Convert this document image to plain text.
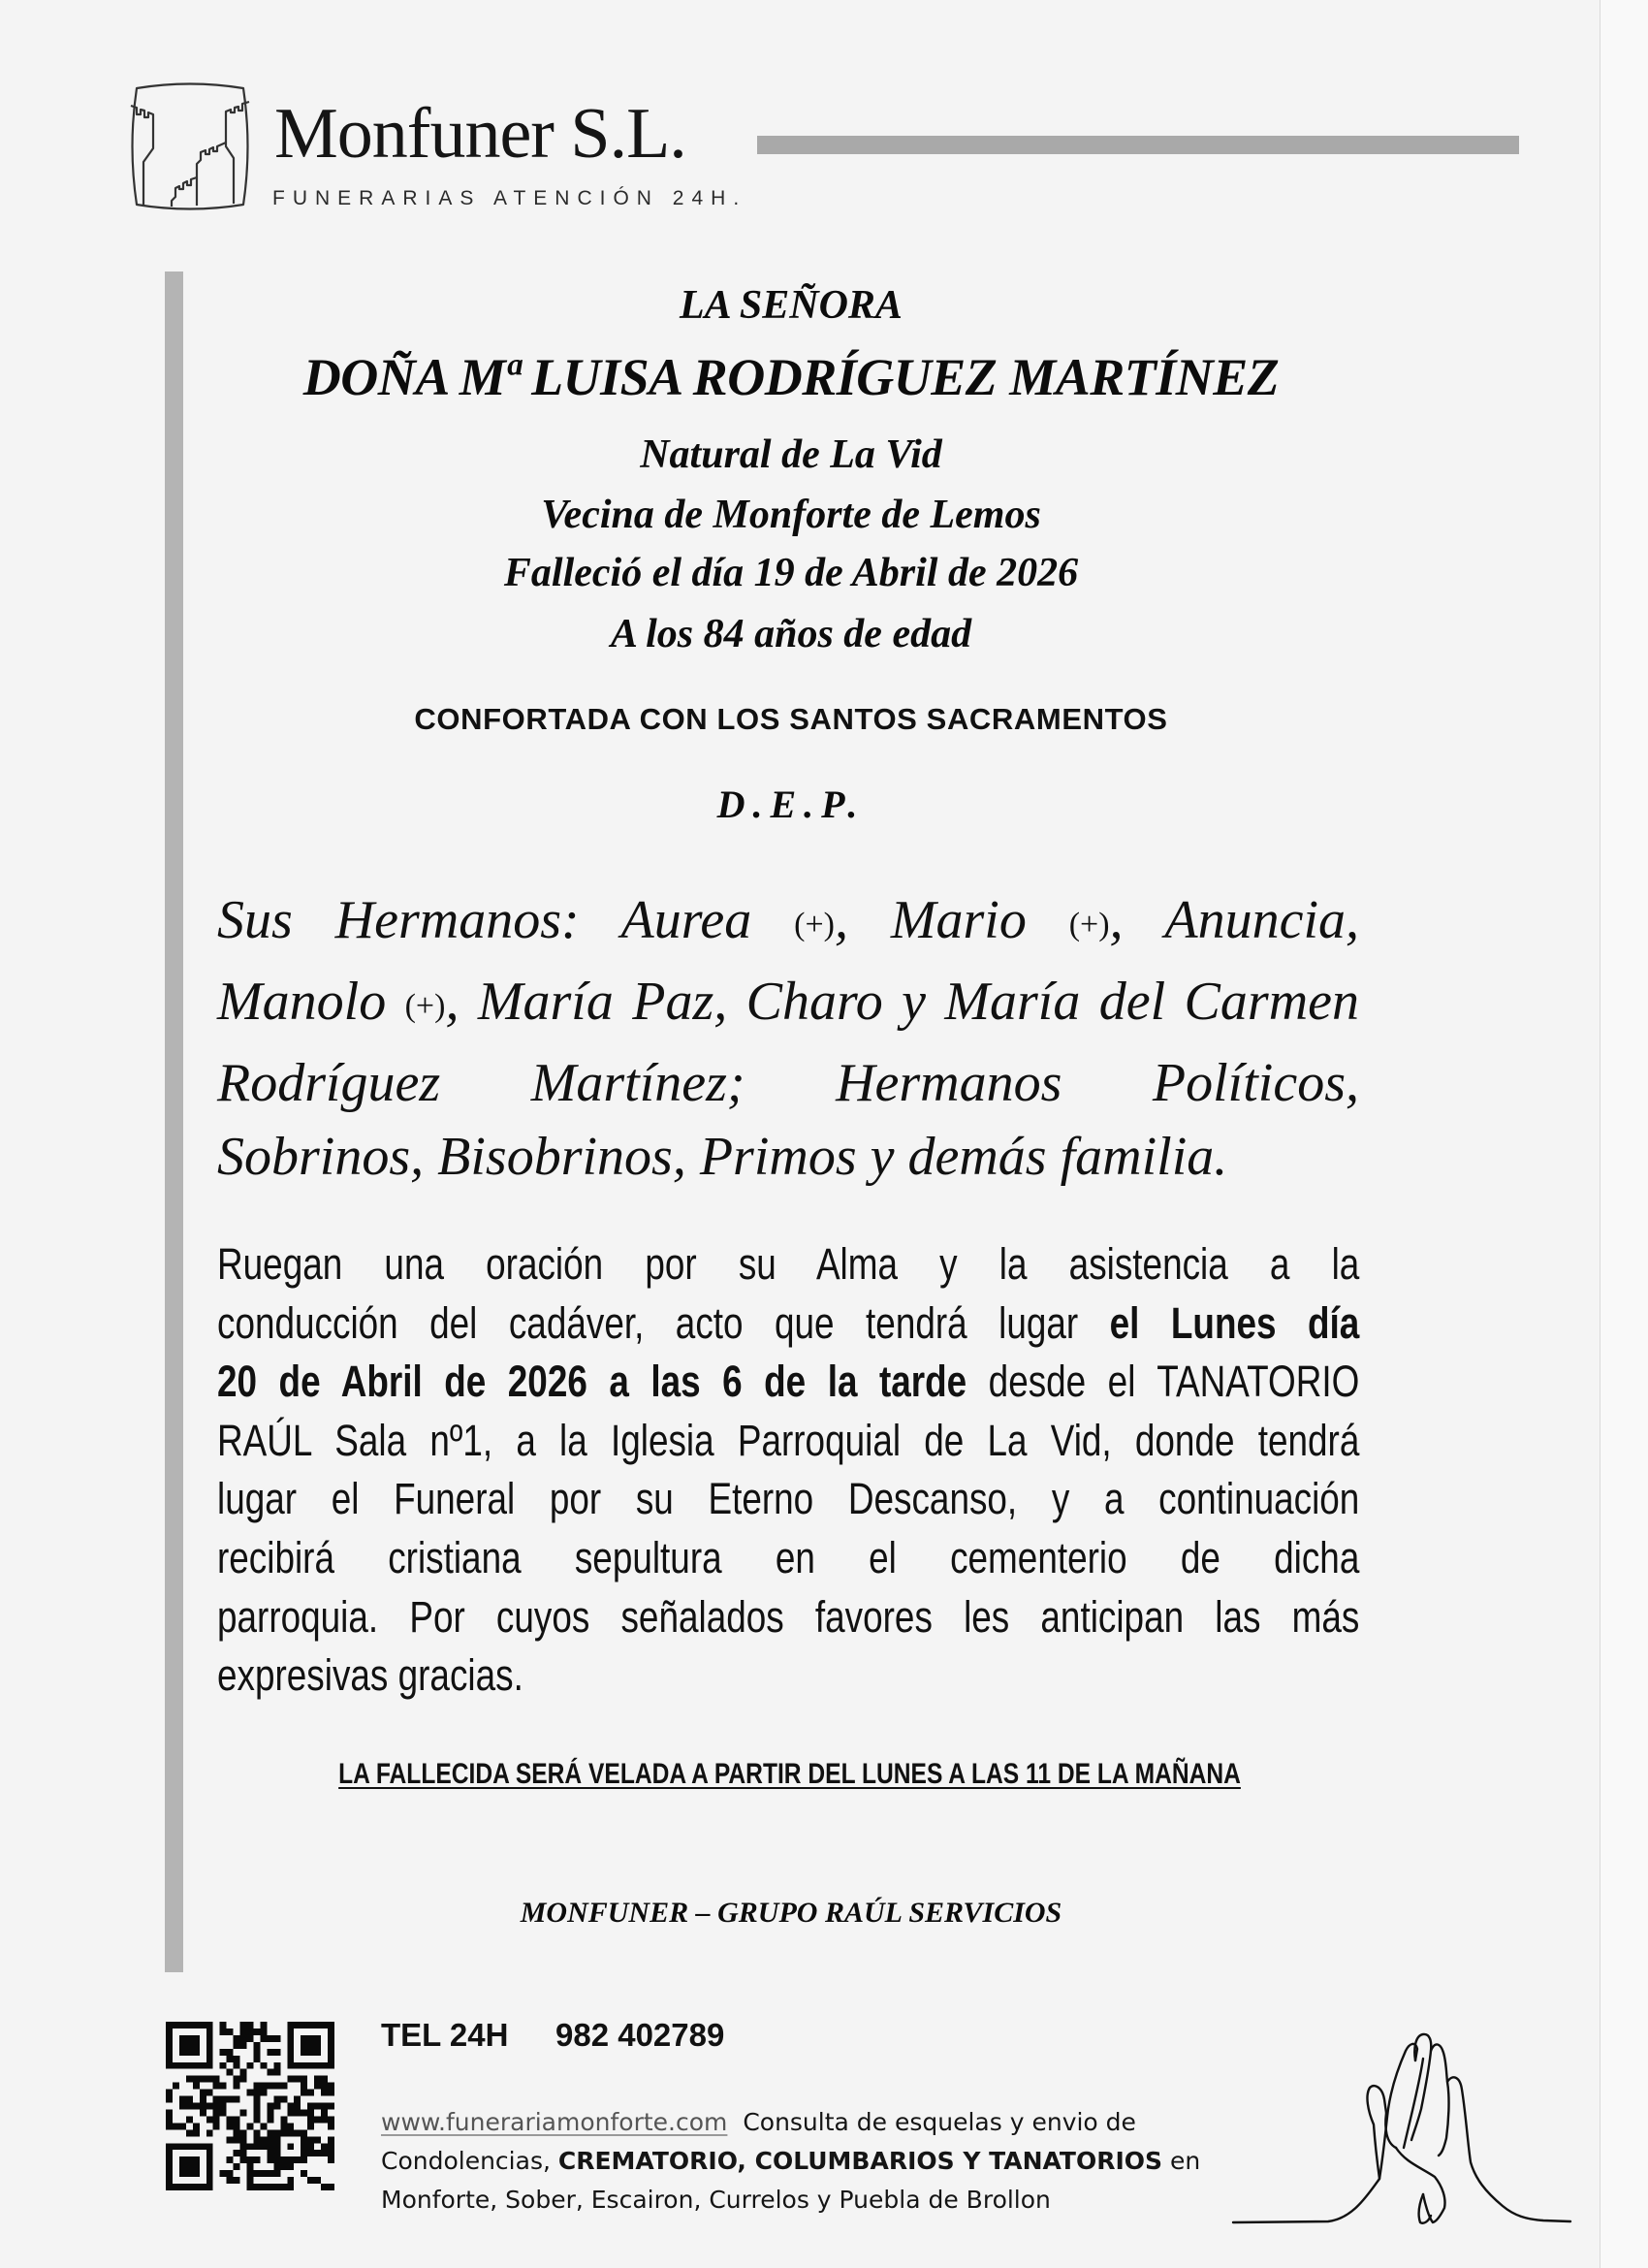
Monfuner S.L.
FUNERARIAS ATENCIÓN 24H.
LA SEÑORA
DOÑA Mª LUISA RODRÍGUEZ MARTÍNEZ
Natural de La Vid
Vecina de Monforte de Lemos
Falleció el día 19 de Abril de 2026
A los 84 años de edad
CONFORTADA CON LOS SANTOS SACRAMENTOS
D.E.P.
Sus Hermanos: Aurea (+), Mario (+), Anuncia,
Manolo (+), María Paz, Charo y María del Carmen
Rodríguez Martínez; Hermanos Políticos,
Sobrinos, Bisobrinos, Primos y demás familia.
Ruegan una oración por su Alma y la asistencia a la
conducción del cadáver, acto que tendrá lugar el Lunes día
20 de Abril de 2026 a las 6 de la tarde desde el TANATORIO
RAÚL Sala nº1, a la Iglesia Parroquial de La Vid, donde tendrá
lugar el Funeral por su Eterno Descanso, y a continuación
recibirá cristiana sepultura en el cementerio de dicha
parroquia. Por cuyos señalados favores les anticipan las más
expresivas gracias.
LA FALLECIDA SERÁ VELADA A PARTIR DEL LUNES A LAS 11 DE LA MAÑANA
MONFUNER – GRUPO RAÚL SERVICIOS
TEL 24H 982 402789
www.funerariamonforte.com Consulta de esquelas y envio de
Condolencias, CREMATORIO, COLUMBARIOS Y TANATORIOS en
Monforte, Sober, Escairon, Currelos y Puebla de Brollon
